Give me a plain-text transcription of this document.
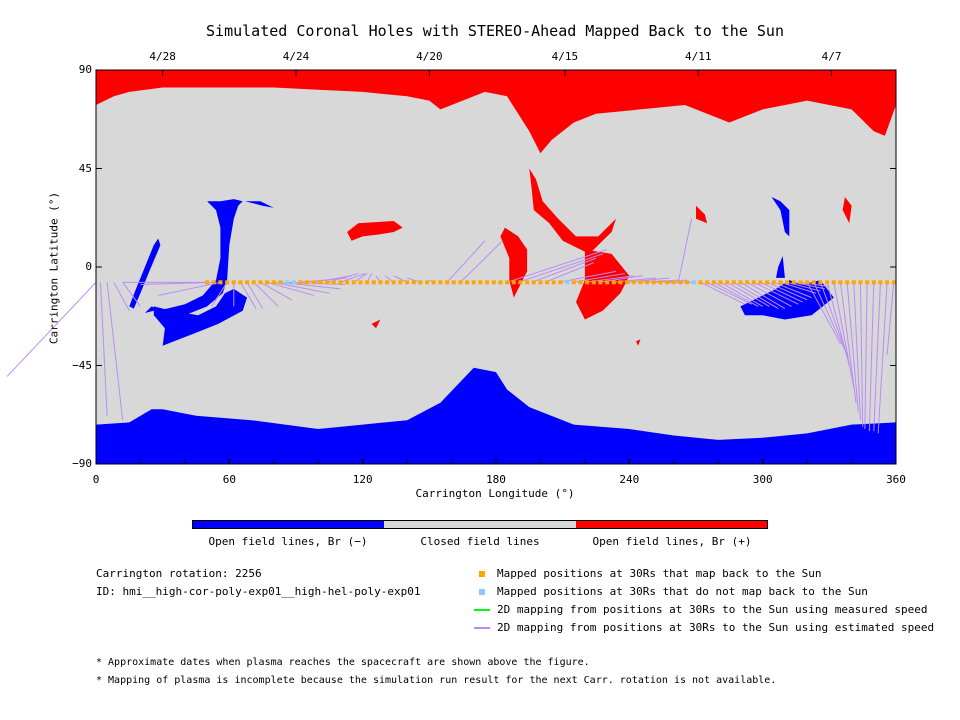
Simulated Coronal Holes with STEREO-Ahead Mapped Back to the Sun
0	60	120	180	240	300	360
−90
−45
0
45
90
4/28	4/24	4/20	4/15	4/11	4/7
Carrington Longitude (°)
Carrington Latitude (°)
Open field lines, Br (−)	Closed field lines	Open field lines, Br (+)
Carrington rotation: 2256
ID: hmi__high-cor-poly-exp01__high-hel-poly-exp01
Mapped positions at 30Rs that map back to the Sun
Mapped positions at 30Rs that do not map back to the Sun
2D mapping from positions at 30Rs to the Sun using measured speed
2D mapping from positions at 30Rs to the Sun using estimated speed
* Approximate dates when plasma reaches the spacecraft are shown above the figure.
* Mapping of plasma is incomplete because the simulation run result for the next Carr. rotation is not available.
